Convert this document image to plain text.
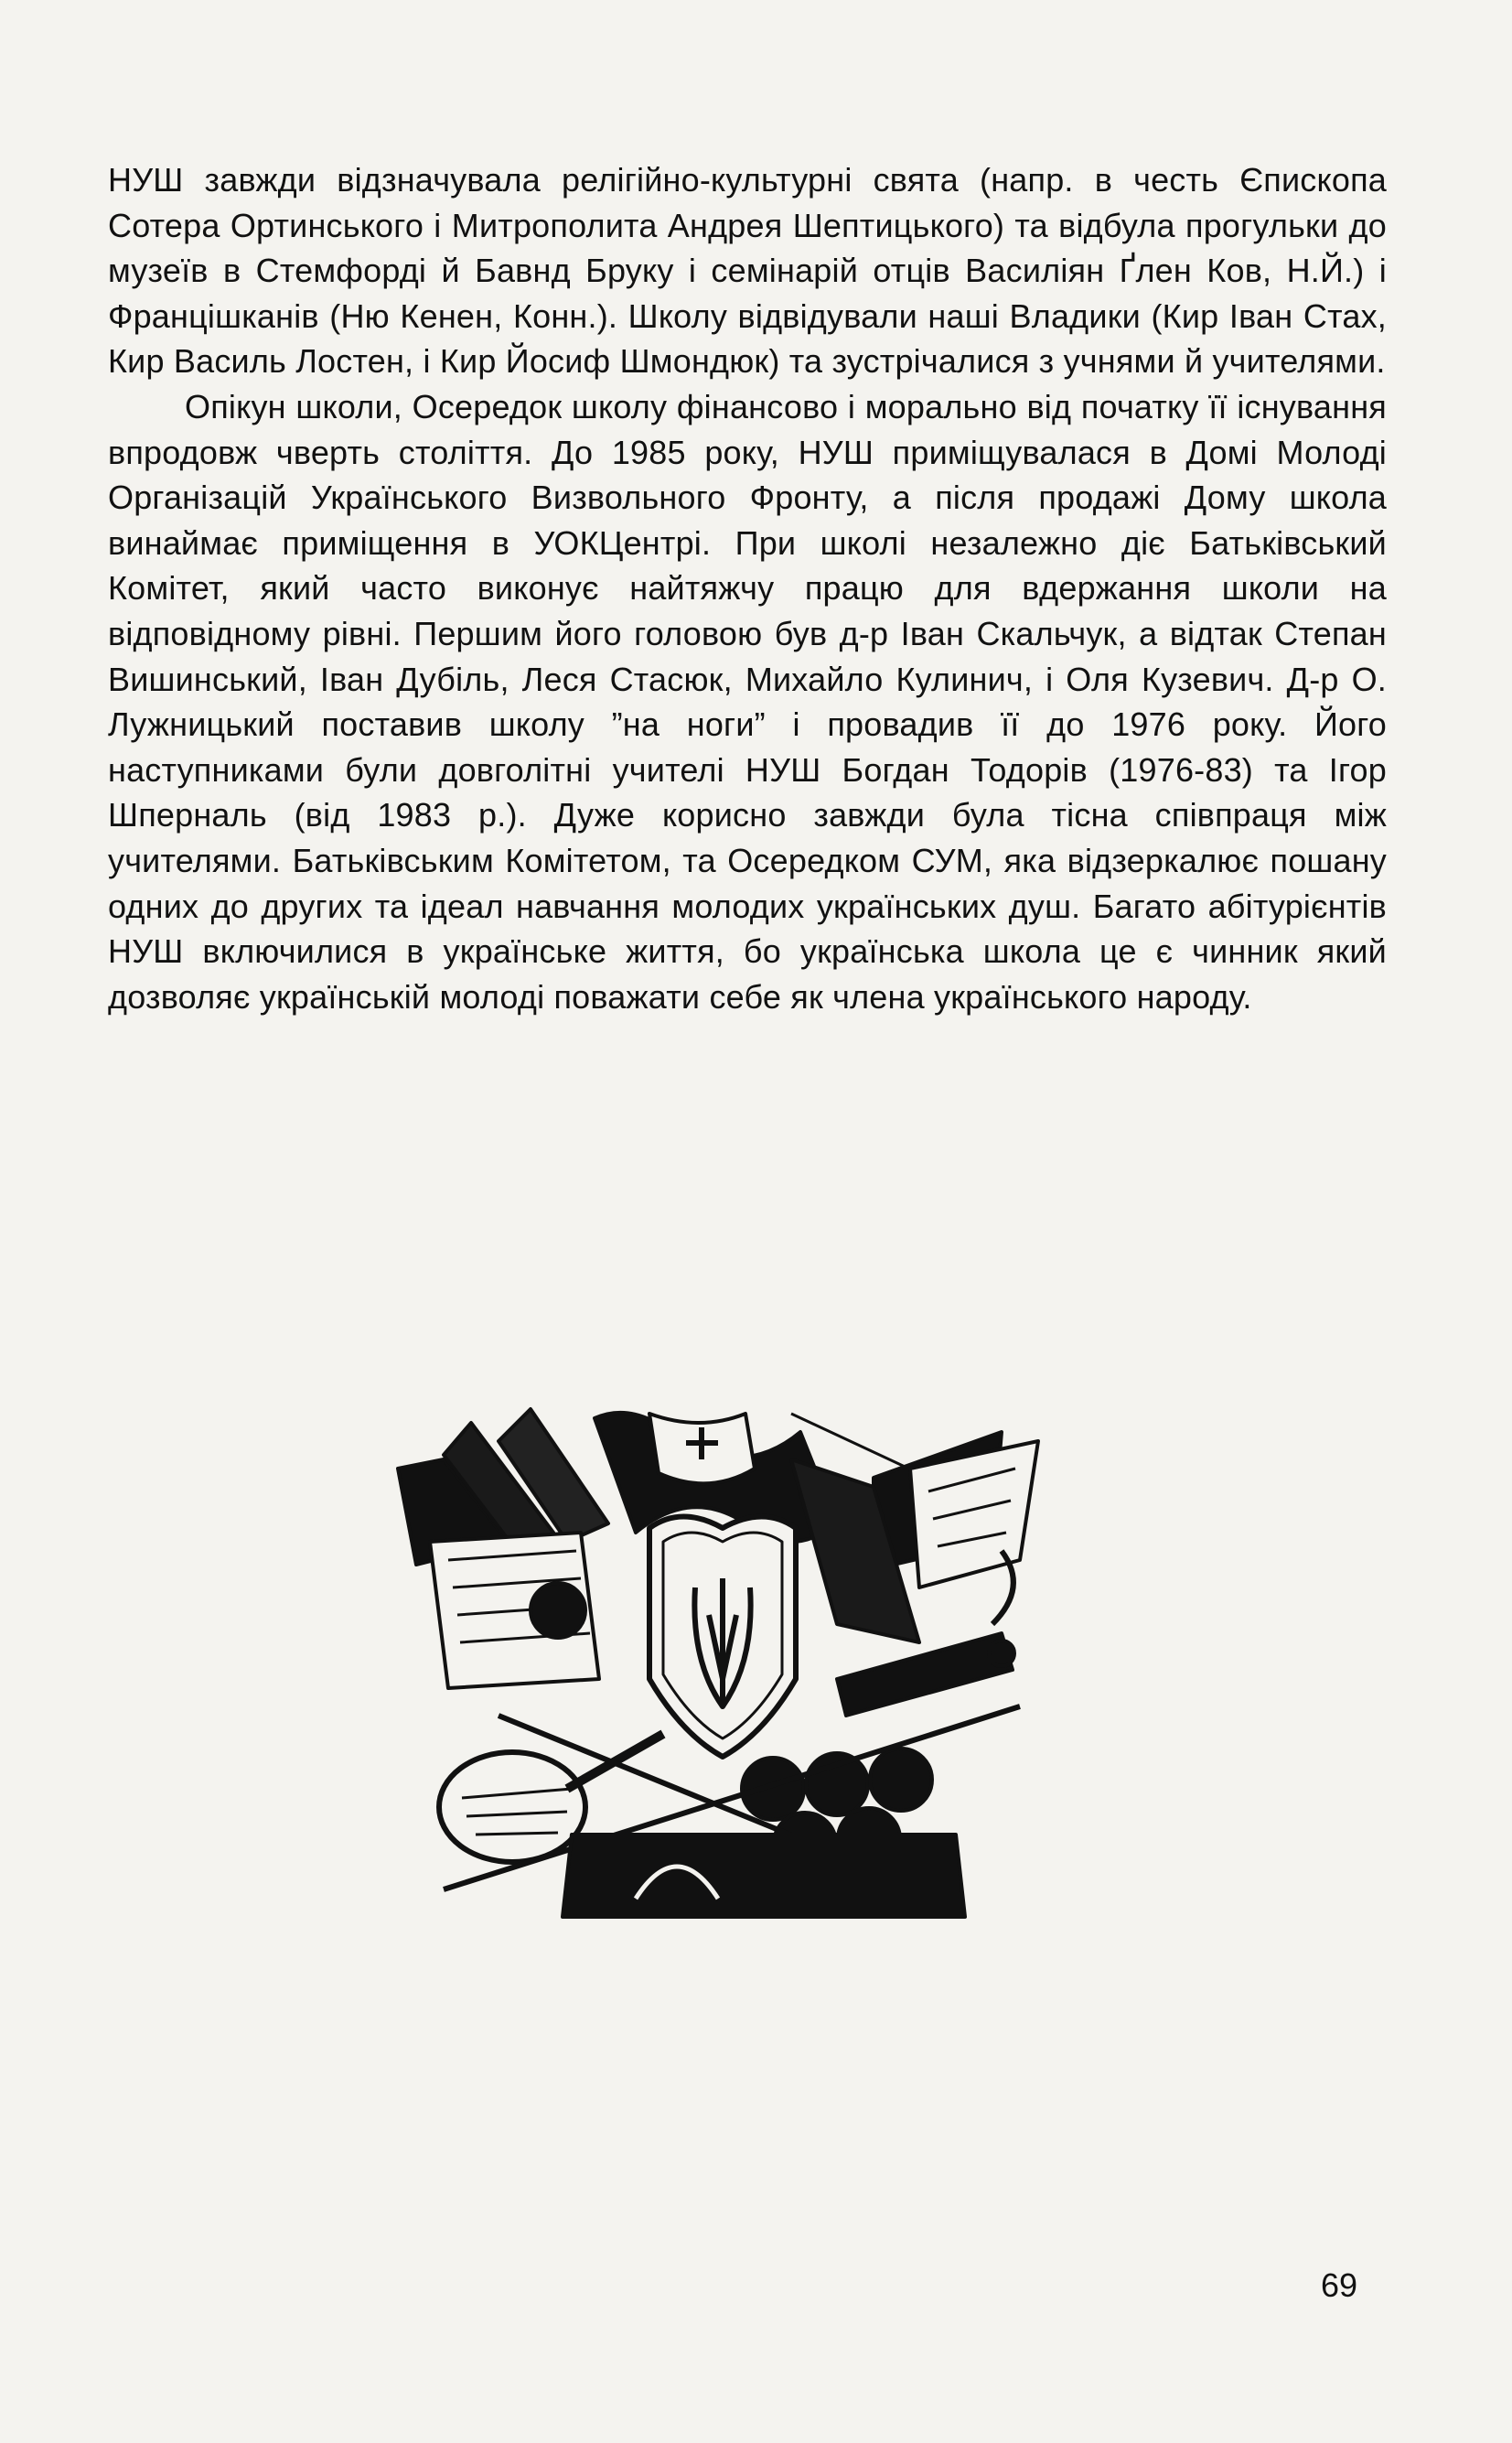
НУШ завжди відзначувала релігійно-культурні свята (напр. в честь Єпископа Сотера Ортинського і Митрополита Андрея Шептицького) та відбула прогульки до музеїв в Стемфорді й Бавнд Бруку і семінарій отців Василіян Ґлен Ков, Н.Й.) і Францішканів (Ню Кенен, Конн.). Школу відвідували наші Владики (Кир Іван Стах, Кир Василь Лостен, і Кир Йосиф Шмондюк) та зустрічалися з учнями й учителями.

Опікун школи, Осередок школу фінансово і морально від початку її існування впродовж чверть століття. До 1985 року, НУШ приміщувалася в Домі Молоді Організацій Українського Визвольного Фронту, а після продажі Дому школа винаймає приміщення в УОКЦентрі. При школі незалежно діє Батьківський Комітет, який часто виконує найтяжчу працю для вдержання школи на відповідному рівні. Першим його головою був д-р Іван Скальчук, а відтак Степан Вишинський, Іван Дубіль, Леся Стасюк, Михайло Кулинич, і Оля Кузевич. Д-р О. Лужницький поставив школу ”на ноги” і провадив її до 1976 року. Його наступниками були довголітні учителі НУШ Богдан Тодорів (1976-83) та Ігор Шперналь (від 1983 р.). Дуже корисно завжди була тісна співпраця між учителями. Батьківським Комітетом, та Осередком СУМ, яка відзеркалює пошану одних до других та ідеал навчання молодих українських душ. Багато абітурієнтів НУШ включилися в українське життя, бо українська школа це є чинник який дозволяє українській молоді поважати себе як члена українського народу.

69
